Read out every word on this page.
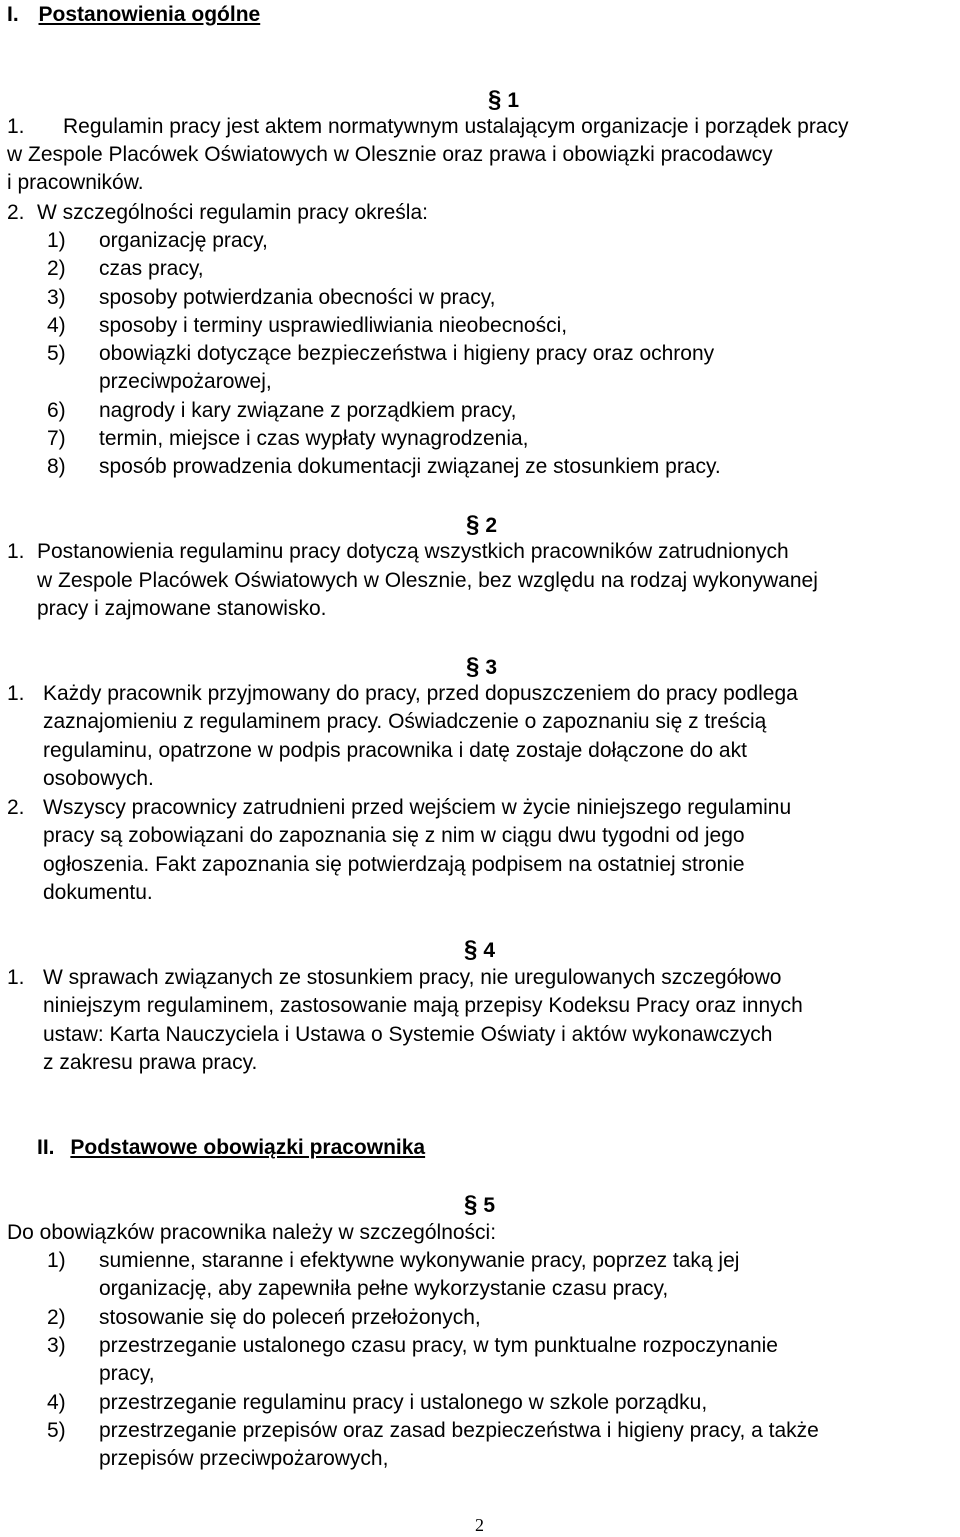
I. Postanowienia ogólne
§ 1
1. Regulamin pracy jest aktem normatywnym ustalającym organizacje i porządek pracy
w Zespole Placówek Oświatowych w Olesznie oraz prawa i obowiązki pracodawcy
i pracowników.
2. W szczególności regulamin pracy określa:
1) organizację pracy,
2) czas pracy,
3) sposoby potwierdzania obecności w pracy,
4) sposoby i terminy usprawiedliwiania nieobecności,
5) obowiązki dotyczące bezpieczeństwa i higieny pracy oraz ochrony
przeciwpożarowej,
6) nagrody i kary związane z porządkiem pracy,
7) termin, miejsce i czas wypłaty wynagrodzenia,
8) sposób prowadzenia dokumentacji związanej ze stosunkiem pracy.
§ 2
1. Postanowienia regulaminu pracy dotyczą wszystkich pracowników zatrudnionych
w Zespole Placówek Oświatowych w Olesznie, bez względu na rodzaj wykonywanej
pracy i zajmowane stanowisko.
§ 3
1. Każdy pracownik przyjmowany do pracy, przed dopuszczeniem do pracy podlega
zaznajomieniu z regulaminem pracy. Oświadczenie o zapoznaniu się z treścią
regulaminu, opatrzone w podpis pracownika i datę zostaje dołączone do akt
osobowych.
2. Wszyscy pracownicy zatrudnieni przed wejściem w życie niniejszego regulaminu
pracy są zobowiązani do zapoznania się z nim w ciągu dwu tygodni od jego
ogłoszenia. Fakt zapoznania się potwierdzają podpisem na ostatniej stronie
dokumentu.
§ 4
1. W sprawach związanych ze stosunkiem pracy, nie uregulowanych szczegółowo
niniejszym regulaminem, zastosowanie mają przepisy Kodeksu Pracy oraz innych
ustaw: Karta Nauczyciela i Ustawa o Systemie Oświaty i aktów wykonawczych
z zakresu prawa pracy.
II. Podstawowe obowiązki pracownika
§ 5
Do obowiązków pracownika należy w szczególności:
1) sumienne, staranne i efektywne wykonywanie pracy, poprzez taką jej
organizację, aby zapewniła pełne wykorzystanie czasu pracy,
2) stosowanie się do poleceń przełożonych,
3) przestrzeganie ustalonego czasu pracy, w tym punktualne rozpoczynanie
pracy,
4) przestrzeganie regulaminu pracy i ustalonego w szkole porządku,
5) przestrzeganie przepisów oraz zasad bezpieczeństwa i higieny pracy, a także
przepisów przeciwpożarowych,
2
